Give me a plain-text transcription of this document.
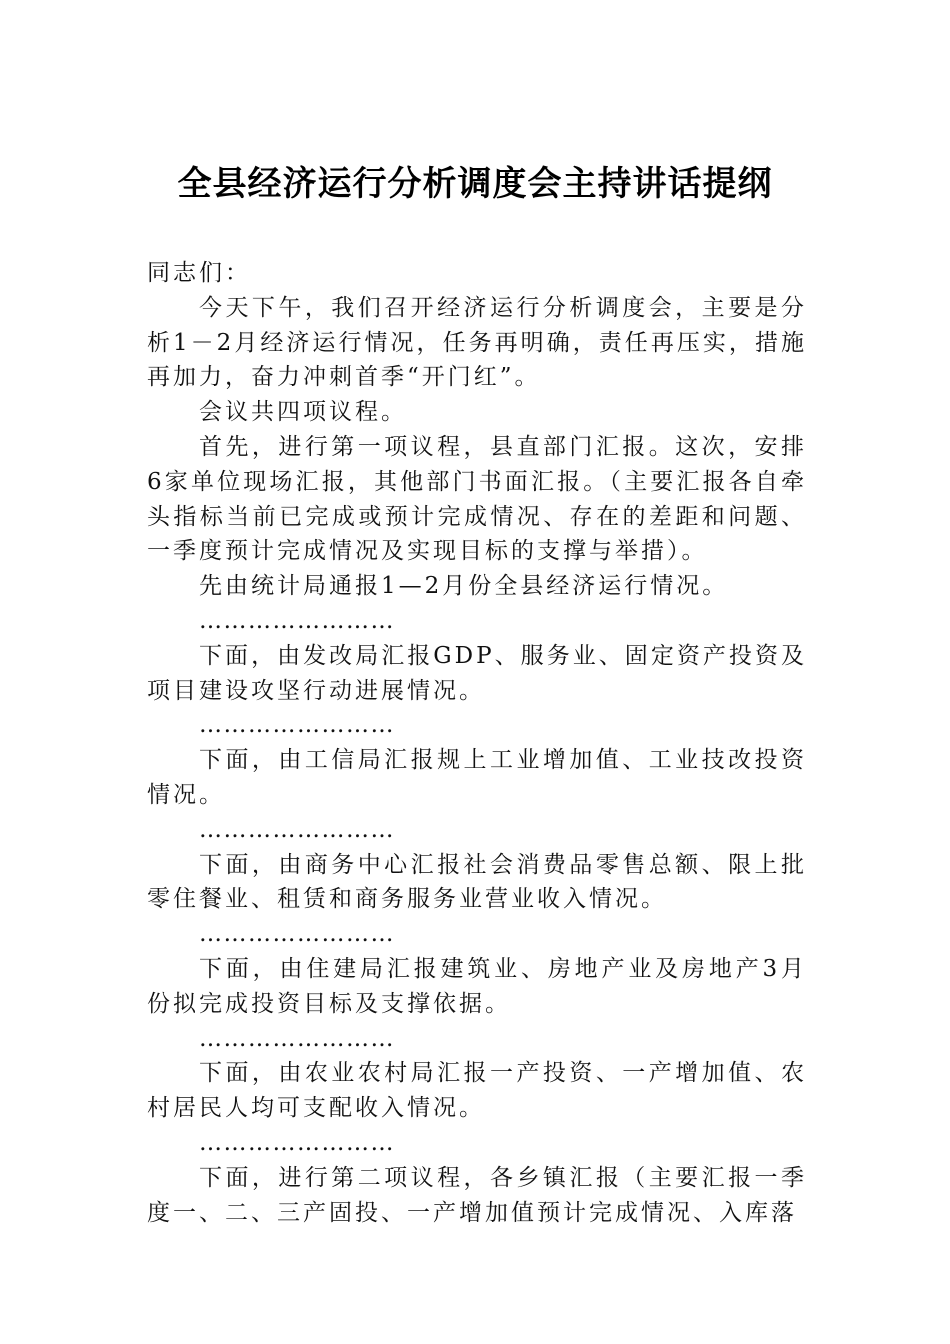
全县经济运行分析调度会主持讲话提纲

同志们：

今天下午，我们召开经济运行分析调度会，主要是分析1－2月经济运行情况，任务再明确，责任再压实，措施再加力，奋力冲刺首季“开门红”。

会议共四项议程。

首先，进行第一项议程，县直部门汇报。这次，安排6家单位现场汇报，其他部门书面汇报。（主要汇报各自牵头指标当前已完成或预计完成情况、存在的差距和问题、一季度预计完成情况及实现目标的支撑与举措）。

先由统计局通报1—2月份全县经济运行情况。

……………………

下面，由发改局汇报GDP、服务业、固定资产投资及项目建设攻坚行动进展情况。

……………………

下面，由工信局汇报规上工业增加值、工业技改投资情况。

……………………

下面，由商务中心汇报社会消费品零售总额、限上批零住餐业、租赁和商务服务业营业收入情况。

……………………

下面，由住建局汇报建筑业、房地产业及房地产3月份拟完成投资目标及支撑依据。

……………………

下面，由农业农村局汇报一产投资、一产增加值、农村居民人均可支配收入情况。

……………………

下面，进行第二项议程，各乡镇汇报（主要汇报一季度一、二、三产固投、一产增加值预计完成情况、入库落
